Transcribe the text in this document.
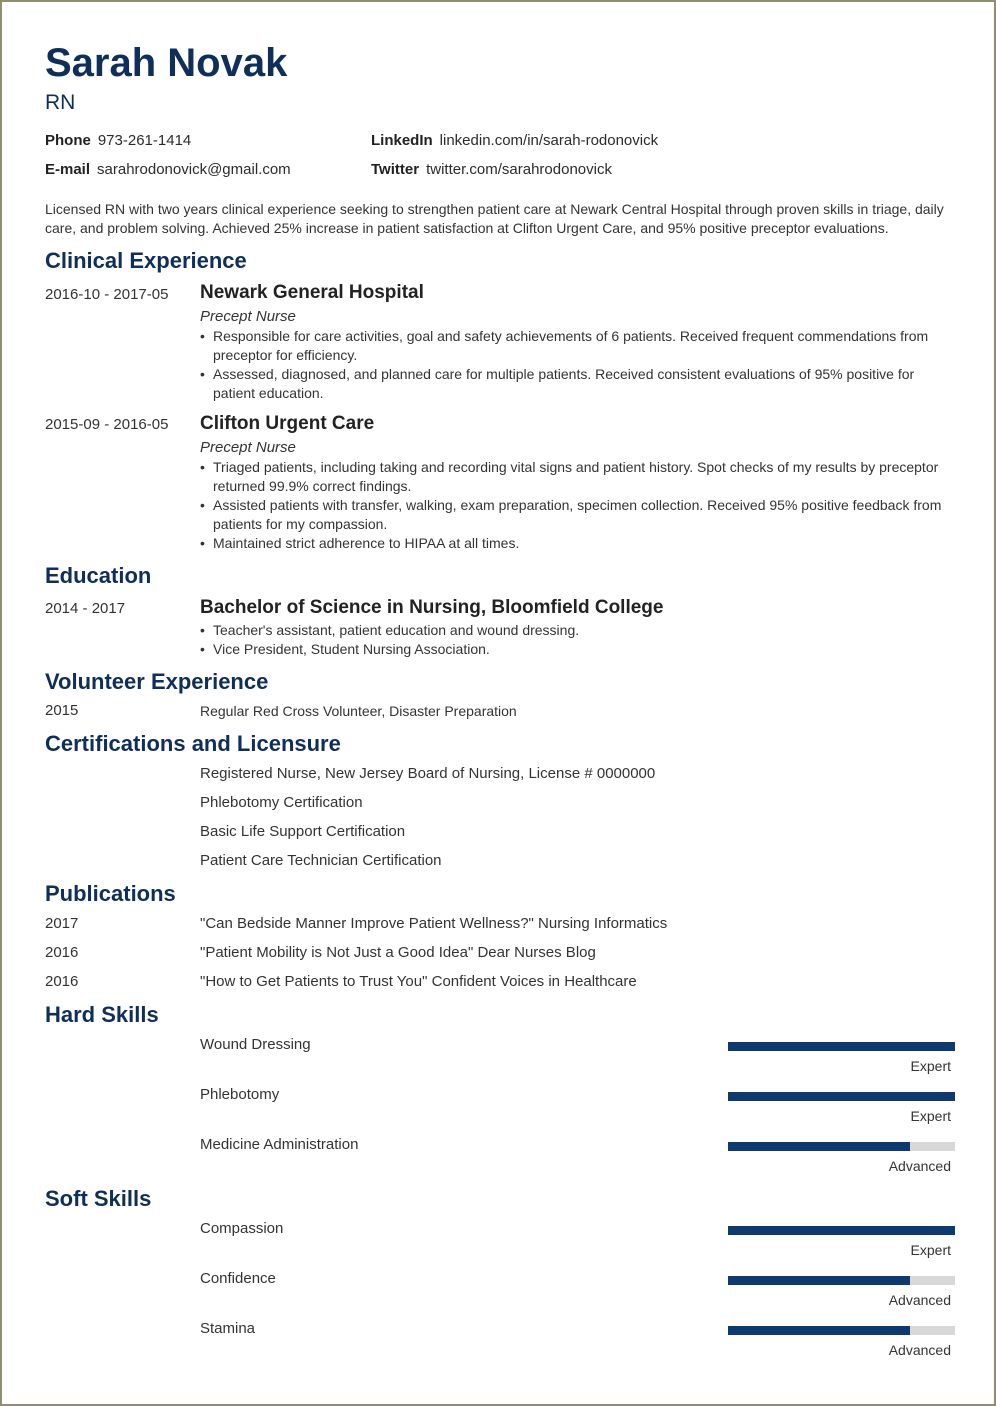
Sarah Novak
RN
Phone 973-261-1414	LinkedIn linkedin.com/in/sarah-rodonovick
E-mail sarahrodonovick@gmail.com	Twitter twitter.com/sarahrodonovick
Licensed RN with two years clinical experience seeking to strengthen patient care at Newark Central Hospital through proven skills in triage, daily care, and problem solving. Achieved 25% increase in patient satisfaction at Clifton Urgent Care, and 95% positive preceptor evaluations.
Clinical Experience
2016-10 - 2017-05 Newark General Hospital
Precept Nurse
• Responsible for care activities, goal and safety achievements of 6 patients. Received frequent commendations from preceptor for efficiency.
• Assessed, diagnosed, and planned care for multiple patients. Received consistent evaluations of 95% positive for patient education.
2015-09 - 2016-05 Clifton Urgent Care
Precept Nurse
• Triaged patients, including taking and recording vital signs and patient history. Spot checks of my results by preceptor returned 99.9% correct findings.
• Assisted patients with transfer, walking, exam preparation, specimen collection. Received 95% positive feedback from patients for my compassion.
• Maintained strict adherence to HIPAA at all times.
Education
2014 - 2017	Bachelor of Science in Nursing, Bloomfield College
• Teacher's assistant, patient education and wound dressing.
• Vice President, Student Nursing Association.
Volunteer Experience
2015	Regular Red Cross Volunteer, Disaster Preparation
Certifications and Licensure
Registered Nurse, New Jersey Board of Nursing, License # 0000000
Phlebotomy Certification
Basic Life Support Certification
Patient Care Technician Certification
Publications
2017	"Can Bedside Manner Improve Patient Wellness?" Nursing Informatics
2016	"Patient Mobility is Not Just a Good Idea" Dear Nurses Blog
2016	"How to Get Patients to Trust You" Confident Voices in Healthcare
Hard Skills
Wound Dressing
Expert
Phlebotomy
Expert
Medicine Administration
Advanced
Soft Skills
Compassion
Expert
Confidence
Advanced
Stamina
Advanced
